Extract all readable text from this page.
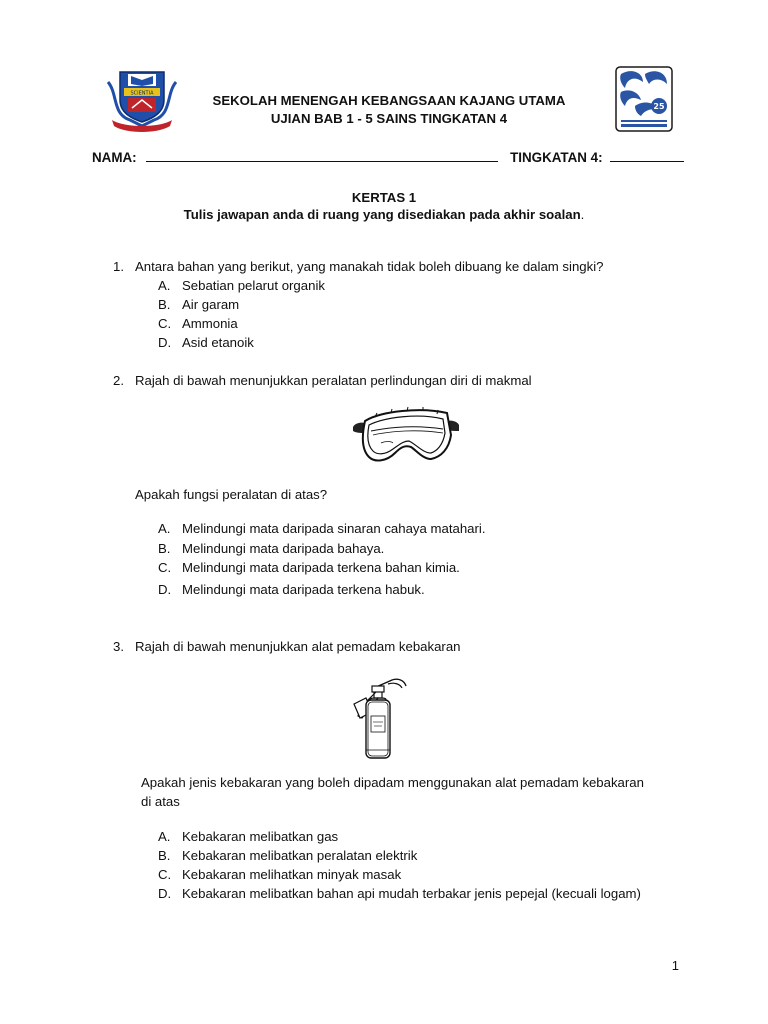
SCIENTIA
25
SEKOLAH MENENGAH KEBANGSAAN KAJANG UTAMA
UJIAN BAB 1 - 5 SAINS TINGKATAN 4
NAMA:	TINGKATAN 4:
KERTAS 1
Tulis jawapan anda di ruang yang disediakan pada akhir soalan.
1. Antara bahan yang berikut, yang manakah tidak boleh dibuang ke dalam singki?
A. Sebatian pelarut organik
B. Air garam
C. Ammonia
D. Asid etanoik
2. Rajah di bawah menunjukkan peralatan perlindungan diri di makmal
Apakah fungsi peralatan di atas?
A. Melindungi mata daripada sinaran cahaya matahari.
B. Melindungi mata daripada bahaya.
C. Melindungi mata daripada terkena bahan kimia.
D. Melindungi mata daripada terkena habuk.
3. Rajah di bawah menunjukkan alat pemadam kebakaran
Apakah jenis kebakaran yang boleh dipadam menggunakan alat pemadam kebakaran
di atas
A. Kebakaran melibatkan gas
B. Kebakaran melibatkan peralatan elektrik
C. Kebakaran melihatkan minyak masak
D. Kebakaran melibatkan bahan api mudah terbakar jenis pepejal (kecuali logam)
1
